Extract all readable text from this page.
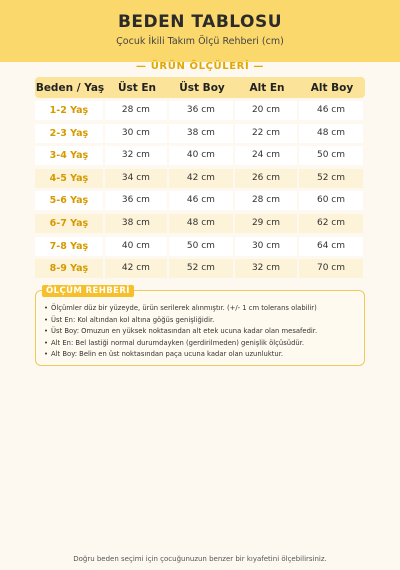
BEDEN TABLOSU
Çocuk İkili Takım Ölçü Rehberi (cm)
— ÜRÜN ÖLÇÜLERİ —
Beden / Yaş	Üst En	Üst Boy	Alt En	Alt Boy
1-2 Yaş	28 cm	36 cm	20 cm	46 cm
2-3 Yaş	30 cm	38 cm	22 cm	48 cm
3-4 Yaş	32 cm	40 cm	24 cm	50 cm
4-5 Yaş	34 cm	42 cm	26 cm	52 cm
5-6 Yaş	36 cm	46 cm	28 cm	60 cm
6-7 Yaş	38 cm	48 cm	29 cm	62 cm
7-8 Yaş	40 cm	50 cm	30 cm	64 cm
8-9 Yaş	42 cm	52 cm	32 cm	70 cm
ÖLÇÜM REHBERİ
• Ölçümler düz bir yüzeyde, ürün serilerek alınmıştır. (+/- 1 cm tolerans olabilir)
• Üst En: Kol altından kol altına göğüs genişliğidir.
• Üst Boy: Omuzun en yüksek noktasından alt etek ucuna kadar olan mesafedir.
• Alt En: Bel lastiği normal durumdayken (gerdirilmeden) genişlik ölçüsüdür.
• Alt Boy: Belin en üst noktasından paça ucuna kadar olan uzunluktur.
Doğru beden seçimi için çocuğunuzun benzer bir kıyafetini ölçebilirsiniz.
